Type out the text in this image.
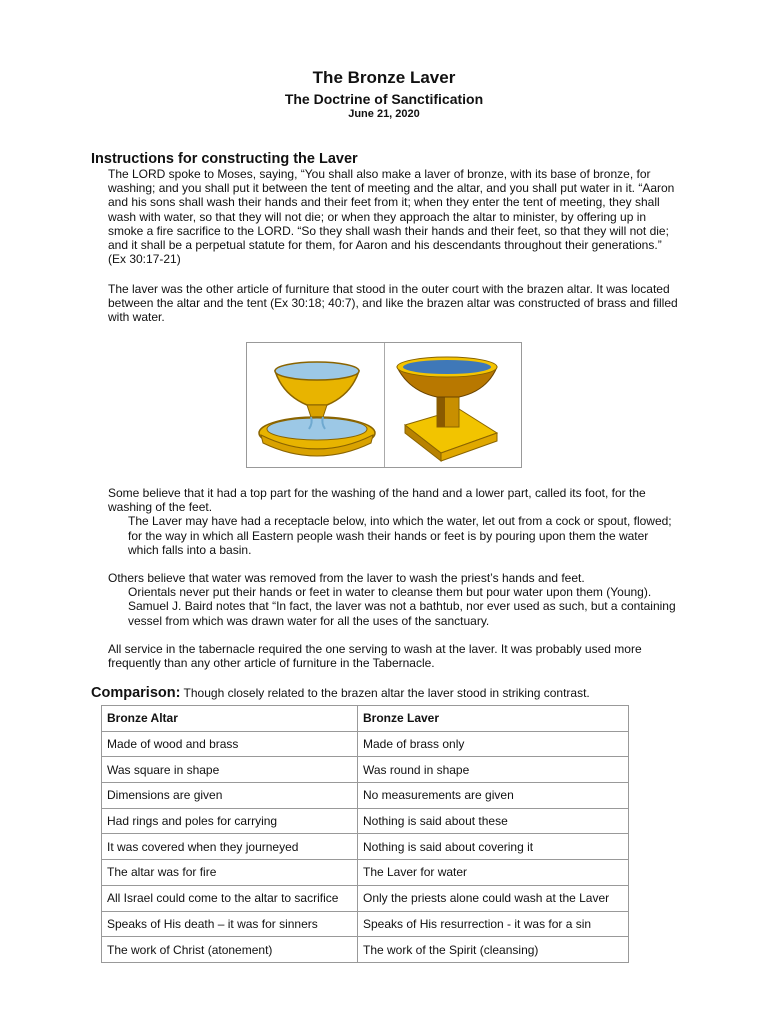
The Bronze Laver
The Doctrine of Sanctification
June 21, 2020
Instructions for constructing the Laver

The LORD spoke to Moses, saying, “You shall also make a laver of bronze, with its base of bronze, for washing; and you shall put it between the tent of meeting and the altar, and you shall put water in it. “Aaron and his sons shall wash their hands and their feet from it; when they enter the tent of meeting, they shall wash with water, so that they will not die; or when they approach the altar to minister, by offering up in smoke a fire sacrifice to the LORD. “So they shall wash their hands and their feet, so that they will not die; and it shall be a perpetual statute for them, for Aaron and his descendants throughout their generations.” (Ex 30:17-21)

The laver was the other article of furniture that stood in the outer court with the brazen altar. It was located between the altar and the tent (Ex 30:18; 40:7), and like the brazen altar was constructed of brass and filled with water.

Some believe that it had a top part for the washing of the hand and a lower part, called its foot, for the washing of the feet.
The Laver may have had a receptacle below, into which the water, let out from a cock or spout, flowed; for the way in which all Eastern people wash their hands or feet is by pouring upon them the water which falls into a basin.

Others believe that water was removed from the laver to wash the priest’s hands and feet.
Orientals never put their hands or feet in water to cleanse them but pour water upon them (Young). Samuel J. Baird notes that “In fact, the laver was not a bathtub, nor ever used as such, but a containing vessel from which was drawn water for all the uses of the sanctuary.

All service in the tabernacle required the one serving to wash at the laver. It was probably used more frequently than any other article of furniture in the Tabernacle.

Comparison: Though closely related to the brazen altar the laver stood in striking contrast.
Bronze Altar	Bronze Laver
Made of wood and brass	Made of brass only
Was square in shape	Was round in shape
Dimensions are given	No measurements are given
Had rings and poles for carrying	Nothing is said about these
It was covered when they journeyed	Nothing is said about covering it
The altar was for fire	The Laver for water
All Israel could come to the altar to sacrifice	Only the priests alone could wash at the Laver
Speaks of His death – it was for sinners	Speaks of His resurrection - it was for a sin
The work of Christ (atonement)	The work of the Spirit (cleansing)
